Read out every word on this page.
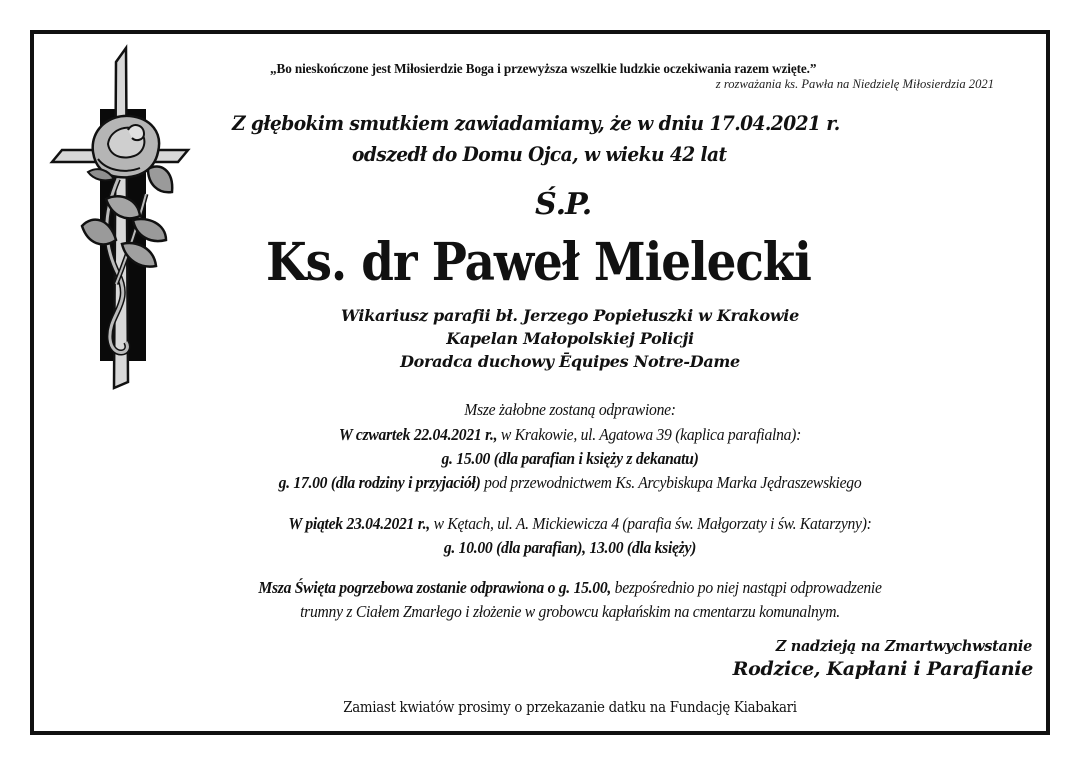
„Bo nieskończone jest Miłosierdzie Boga i przewyższa wszelkie ludzkie oczekiwania razem wzięte.”
z rozważania ks. Pawła na Niedzielę Miłosierdzia 2021
Z głębokim smutkiem zawiadamiamy, że w dniu 17.04.2021 r.
odszedł do Domu Ojca, w wieku 42 lat
Ś.P.
Ks. dr Paweł Mielecki
Wikariusz parafii bł. Jerzego Popiełuszki w Krakowie
Kapelan Małopolskiej Policji
Doradca duchowy Ēquipes Notre-Dame
Msze żałobne zostaną odprawione:
W czwartek 22.04.2021 r., w Krakowie, ul. Agatowa 39 (kaplica parafialna):
g. 15.00 (dla parafian i księży z dekanatu)
g. 17.00 (dla rodziny i przyjaciół) pod przewodnictwem Ks. Arcybiskupa Marka Jędraszewskiego
W piątek 23.04.2021 r., w Kętach, ul. A. Mickiewicza 4 (parafia św. Małgorzaty i św. Katarzyny):
g. 10.00 (dla parafian), 13.00 (dla księży)
Msza Święta pogrzebowa zostanie odprawiona o g. 15.00, bezpośrednio po niej nastąpi odprowadzenie
trumny z Ciałem Zmarłego i złożenie w grobowcu kapłańskim na cmentarzu komunalnym.
Z nadzieją na Zmartwychwstanie
Rodzice, Kapłani i Parafianie
Zamiast kwiatów prosimy o przekazanie datku na Fundację Kiabakari
